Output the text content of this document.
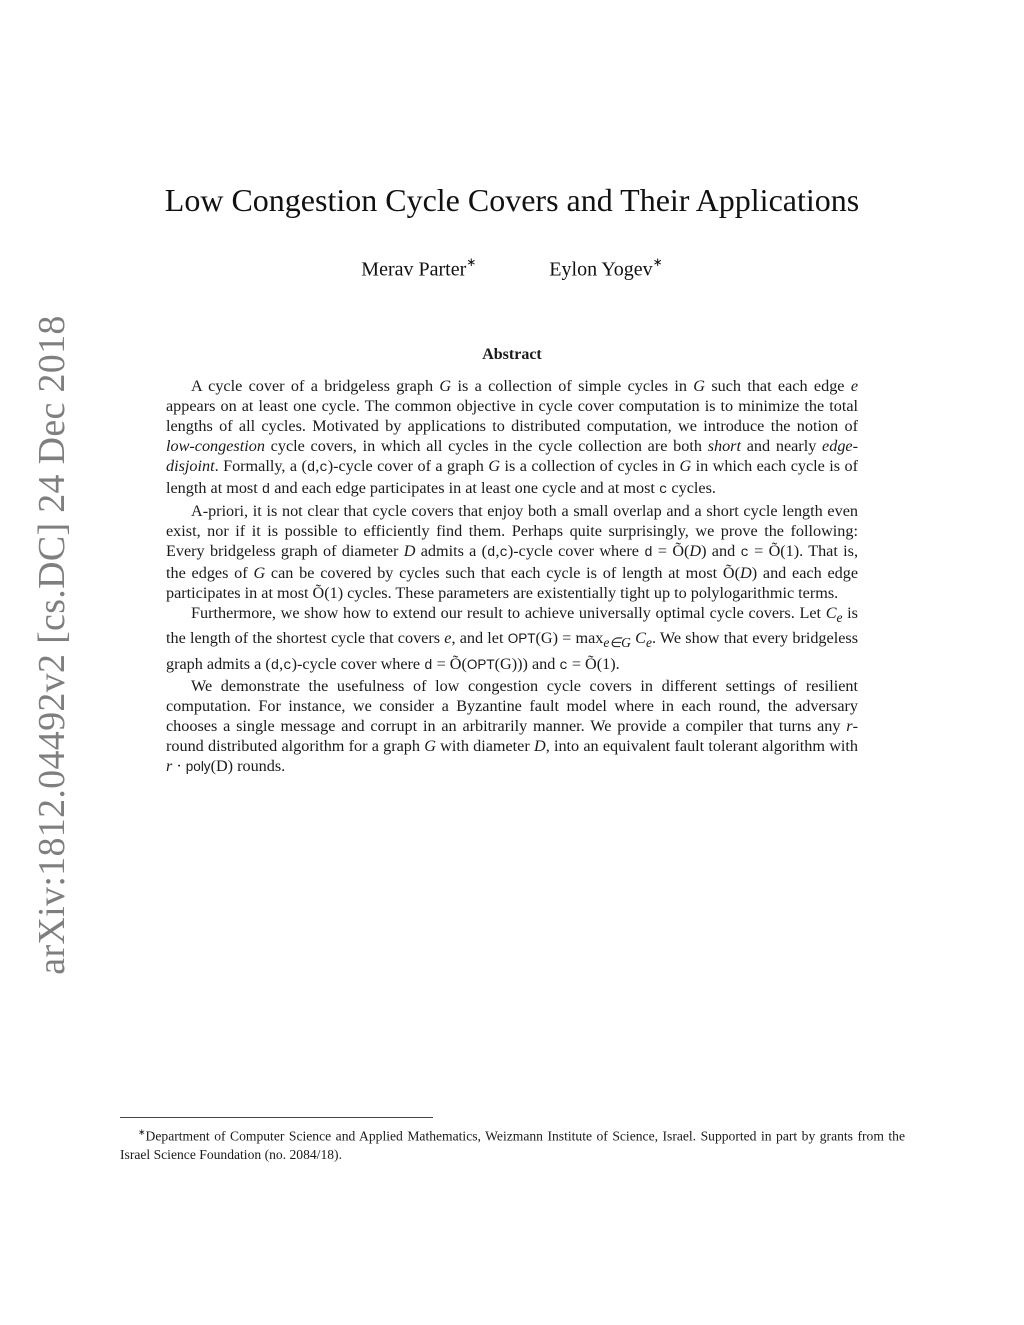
arXiv:1812.04492v2 [cs.DC] 24 Dec 2018
Low Congestion Cycle Covers and Their Applications
Merav Parter∗	Eylon Yogev∗
Abstract

A cycle cover of a bridgeless graph G is a collection of simple cycles in G such that each edge e appears on at least one cycle. The common objective in cycle cover computation is to minimize the total lengths of all cycles. Motivated by applications to distributed computation, we introduce the notion of low-congestion cycle covers, in which all cycles in the cycle collection are both short and nearly edge-disjoint. Formally, a (d,c)-cycle cover of a graph G is a collection of cycles in G in which each cycle is of length at most d and each edge participates in at least one cycle and at most c cycles.

A-priori, it is not clear that cycle covers that enjoy both a small overlap and a short cycle length even exist, nor if it is possible to efficiently find them. Perhaps quite surprisingly, we prove the following: Every bridgeless graph of diameter D admits a (d,c)-cycle cover where d = Õ(D) and c = Õ(1). That is, the edges of G can be covered by cycles such that each cycle is of length at most Õ(D) and each edge participates in at most Õ(1) cycles. These parameters are existentially tight up to polylogarithmic terms.

Furthermore, we show how to extend our result to achieve universally optimal cycle covers. Let $C_e$ is the length of the shortest cycle that covers e, and let $OPT(G) = \max_{e\in G} C_e$. We show that every bridgeless graph admits a (d,c)-cycle cover where d = Õ(OPT(G))) and c = Õ(1).

We demonstrate the usefulness of low congestion cycle covers in different settings of resilient computation. For instance, we consider a Byzantine fault model where in each round, the adversary chooses a single message and corrupt in an arbitrarily manner. We provide a compiler that turns any r-round distributed algorithm for a graph G with diameter D, into an equivalent fault tolerant algorithm with r · poly(D) rounds.

∗Department of Computer Science and Applied Mathematics, Weizmann Institute of Science, Israel. Supported in part by grants from the Israel Science Foundation (no. 2084/18).
